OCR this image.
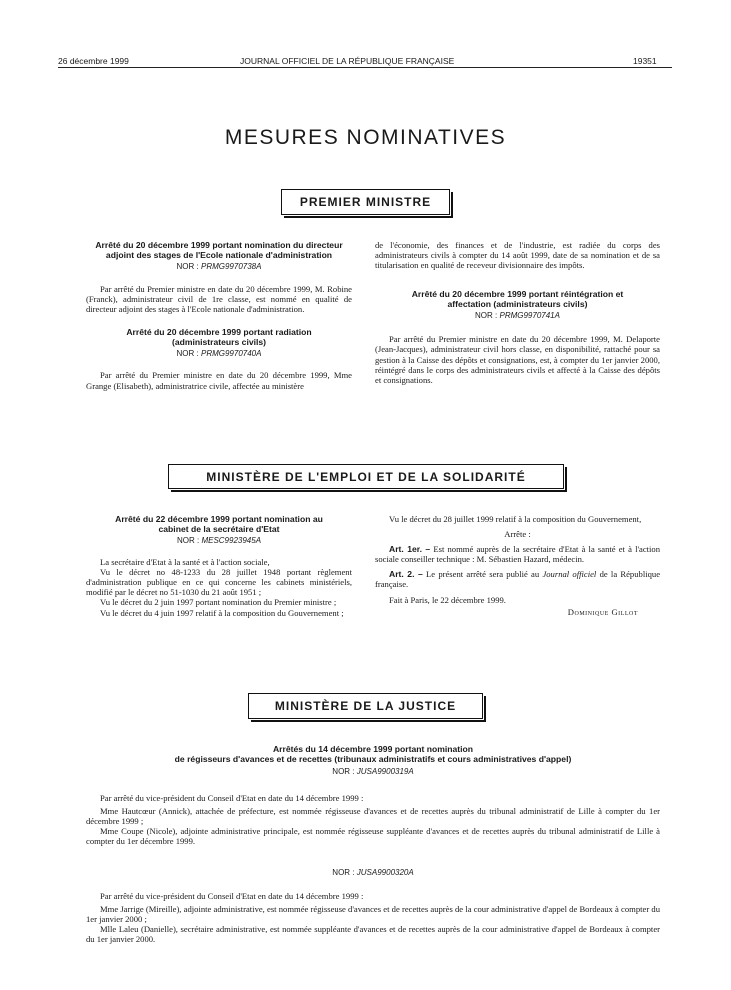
26 décembre 1999	JOURNAL OFFICIEL DE LA RÉPUBLIQUE FRANÇAISE	19351
MESURES NOMINATIVES
PREMIER MINISTRE
Arrêté du 20 décembre 1999 portant nomination du directeur adjoint des stages de l'Ecole nationale d'administration
NOR : PRMG9970738A
Par arrêté du Premier ministre en date du 20 décembre 1999, M. Robine (Franck), administrateur civil de 1re classe, est nommé en qualité de directeur adjoint des stages à l'Ecole nationale d'administration.
Arrêté du 20 décembre 1999 portant radiation (administrateurs civils)
NOR : PRMG9970740A
Par arrêté du Premier ministre en date du 20 décembre 1999, Mme Grange (Elisabeth), administratrice civile, affectée au ministère
de l'économie, des finances et de l'industrie, est radiée du corps des administrateurs civils à compter du 14 août 1999, date de sa nomination et de sa titularisation en qualité de receveur divisionnaire des impôts.
Arrêté du 20 décembre 1999 portant réintégration et affectation (administrateurs civils)
NOR : PRMG9970741A
Par arrêté du Premier ministre en date du 20 décembre 1999, M. Delaporte (Jean-Jacques), administrateur civil hors classe, en disponibilité, rattaché pour sa gestion à la Caisse des dépôts et consignations, est, à compter du 1er janvier 2000, réintégré dans le corps des administrateurs civils et affecté à la Caisse des dépôts et consignations.
MINISTÈRE DE L'EMPLOI ET DE LA SOLIDARITÉ
Arrêté du 22 décembre 1999 portant nomination au cabinet de la secrétaire d'Etat
NOR : MESC9923945A
La secrétaire d'Etat à la santé et à l'action sociale,
Vu le décret no 48-1233 du 28 juillet 1948 portant règlement d'administration publique en ce qui concerne les cabinets ministériels, modifié par le décret no 51-1030 du 21 août 1951 ;
Vu le décret du 2 juin 1997 portant nomination du Premier ministre ;
Vu le décret du 4 juin 1997 relatif à la composition du Gouvernement ;
Vu le décret du 28 juillet 1999 relatif à la composition du Gouvernement,
Arrête :
Art. 1er. – Est nommé auprès de la secrétaire d'Etat à la santé et à l'action sociale conseiller technique : M. Sébastien Hazard, médecin.
Art. 2. – Le présent arrêté sera publié au Journal officiel de la République française.
Fait à Paris, le 22 décembre 1999.
Dominique Gillot
MINISTÈRE DE LA JUSTICE
Arrêtés du 14 décembre 1999 portant nomination
de régisseurs d'avances et de recettes (tribunaux administratifs et cours administratives d'appel)
NOR : JUSA9900319A
Par arrêté du vice-président du Conseil d'Etat en date du 14 décembre 1999 :
Mme Hautcœur (Annick), attachée de préfecture, est nommée régisseuse d'avances et de recettes auprès du tribunal administratif de Lille à compter du 1er décembre 1999 ;
Mme Coupe (Nicole), adjointe administrative principale, est nommée régisseuse suppléante d'avances et de recettes auprès du tribunal administratif de Lille à compter du 1er décembre 1999.
NOR : JUSA9900320A
Par arrêté du vice-président du Conseil d'Etat en date du 14 décembre 1999 :
Mme Jarrige (Mireille), adjointe administrative, est nommée régisseuse d'avances et de recettes auprès de la cour administrative d'appel de Bordeaux à compter du 1er janvier 2000 ;
Mlle Laleu (Danielle), secrétaire administrative, est nommée suppléante d'avances et de recettes auprès de la cour administrative d'appel de Bordeaux à compter du 1er janvier 2000.
